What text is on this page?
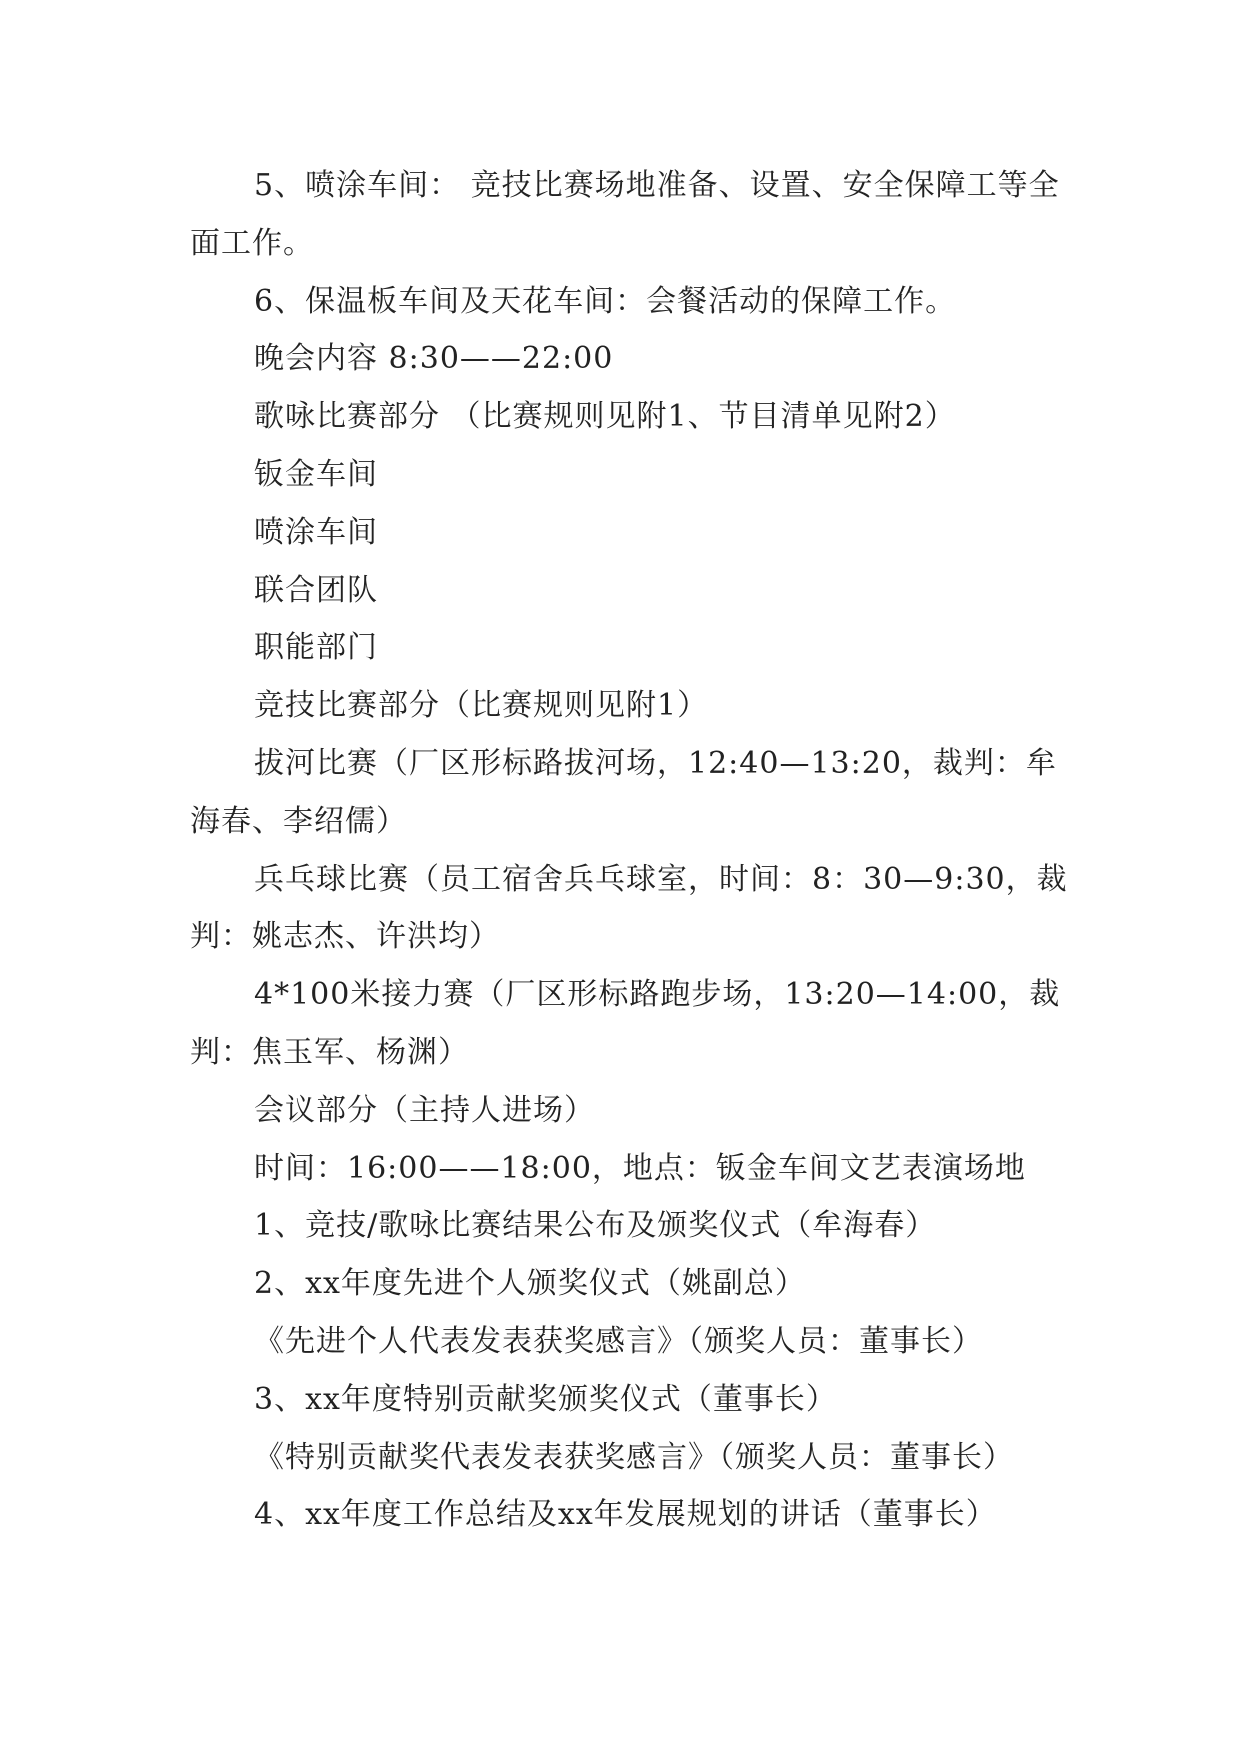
5、喷涂车间： 竞技比赛场地准备、设置、安全保障工等全面工作。

6、保温板车间及天花车间：会餐活动的保障工作。

晚会内容 8:30——22:00

歌咏比赛部分 （比赛规则见附1、节目清单见附2）

钣金车间

喷涂车间

联合团队

职能部门

竞技比赛部分（比赛规则见附1）

拔河比赛（厂区形标路拔河场，12:40—13:20，裁判：牟海春、李绍儒）

兵乓球比赛（员工宿舍兵乓球室，时间：8：30—9:30，裁判：姚志杰、许洪均）

4*100米接力赛（厂区形标路跑步场，13:20—14:00，裁判：焦玉军、杨渊）

会议部分（主持人进场）

时间：16:00——18:00，地点：钣金车间文艺表演场地

1、竞技/歌咏比赛结果公布及颁奖仪式（牟海春）

2、xx年度先进个人颁奖仪式（姚副总）

《先进个人代表发表获奖感言》（颁奖人员：董事长）

3、xx年度特别贡献奖颁奖仪式（董事长）

《特别贡献奖代表发表获奖感言》（颁奖人员：董事长）

4、xx年度工作总结及xx年发展规划的讲话（董事长）
